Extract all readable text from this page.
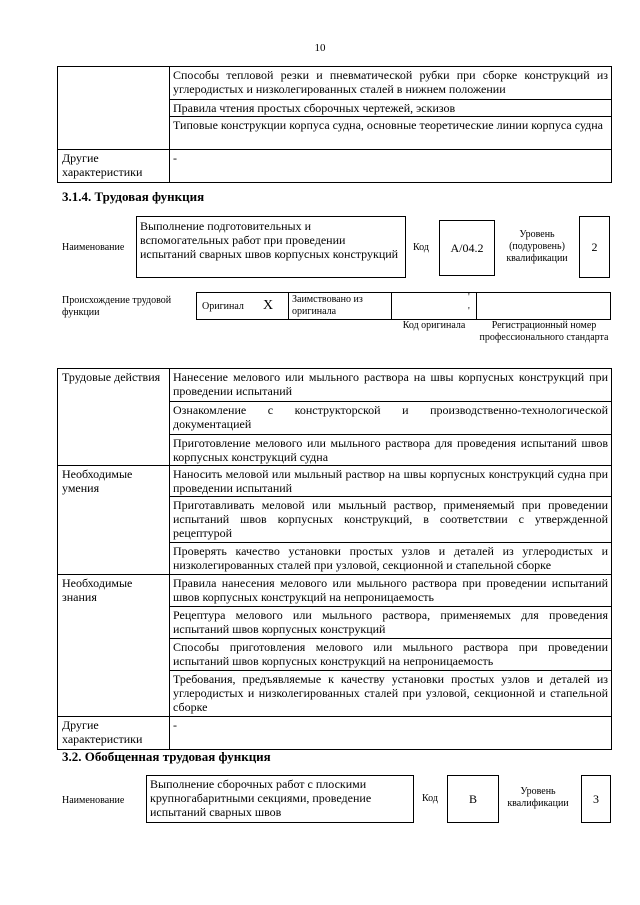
10
	Способы тепловой резки и пневматической рубки при сборке конструкций из углеродистых и низколегированных сталей в нижнем положении
	Правила чтения простых сборочных чертежей, эскизов
	Типовые конструкции корпуса судна, основные теоретические линии корпуса судна
Другие характеристики	-
3.1.4. Трудовая функция
Наименование
Выполнение подготовительных и вспомогательных работ при проведении испытаний сварных швов корпусных конструкций	Код	A/04.2
Уровень (подуровень) квалификации
2
Происхождение трудовой функции
Оригинал X	Заимствовано из оригинала
'
'
Код оригинала	Регистрационный номер профессионального стандарта
Трудовые действия	Нанесение мелового или мыльного раствора на швы корпусных конструкций при проведении испытаний
	Ознакомление с конструкторской и производственно-технологической документацией
	Приготовление мелового или мыльного раствора для проведения испытаний швов корпусных конструкций судна
Необходимые умения	Наносить меловой или мыльный раствор на швы корпусных конструкций судна при проведении испытаний
	Приготавливать меловой или мыльный раствор, применяемый при проведении испытаний швов корпусных конструкций, в соответствии с утвержденной рецептурой
	Проверять качество установки простых узлов и деталей из углеродистых и низколегированных сталей при узловой, секционной и стапельной сборке
Необходимые знания	Правила нанесения мелового или мыльного раствора при проведении испытаний швов корпусных конструкций на непроницаемость
	Рецептура мелового или мыльного раствора, применяемых для проведения испытаний швов корпусных конструкций
	Способы приготовления мелового или мыльного раствора при проведении испытаний швов корпусных конструкций на непроницаемость
	Требования, предъявляемые к качеству установки простых узлов и деталей из углеродистых и низколегированных сталей при узловой, секционной и стапельной сборке
Другие характеристики	-
3.2. Обобщенная трудовая функция
Наименование
Выполнение сборочных работ с плоскими крупногабаритными секциями, проведение испытаний сварных швов
Код	B
Уровень квалификации	3
